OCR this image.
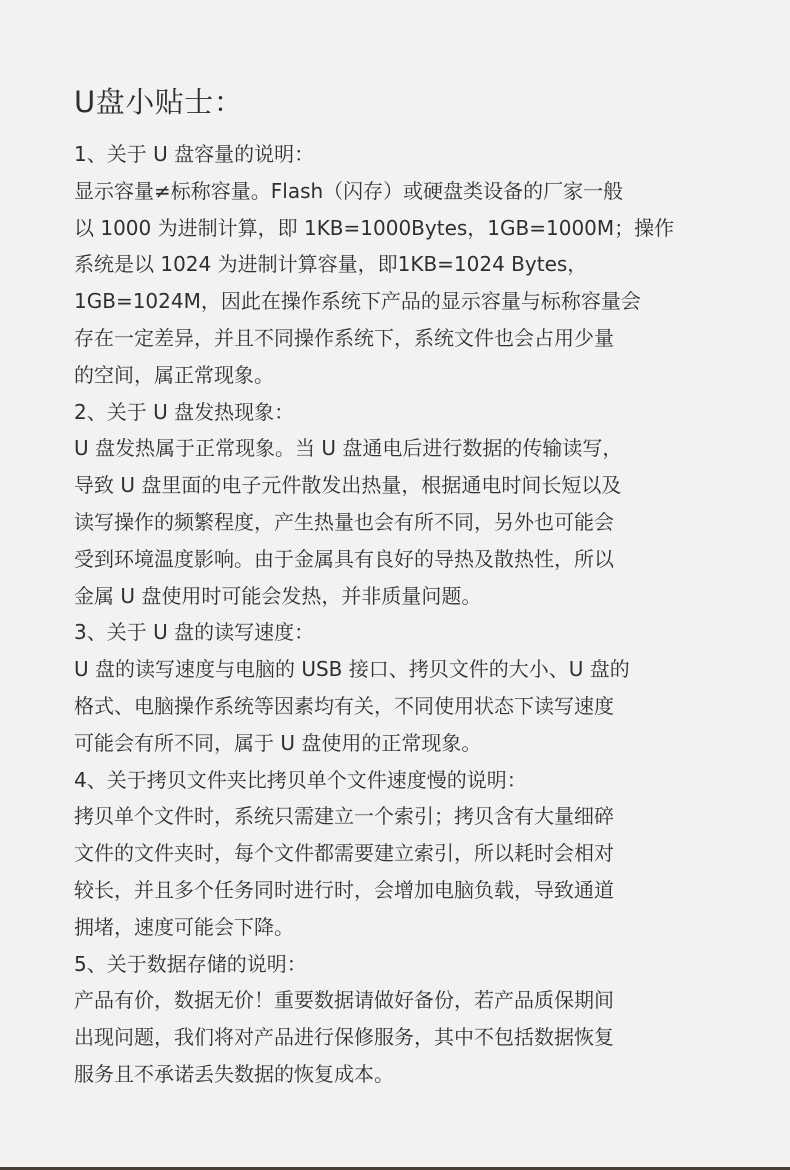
U盘小贴士：

1、关于 U 盘容量的说明：

显示容量≠标称容量。Flash（闪存）或硬盘类设备的厂家一般

以 1000 为进制计算，即 1KB=1000Bytes，1GB=1000M；操作

系统是以 1024 为进制计算容量，即1KB=1024 Bytes，

1GB=1024M，因此在操作系统下产品的显示容量与标称容量会

存在一定差异，并且不同操作系统下，系统文件也会占用少量

的空间，属正常现象。

2、关于 U 盘发热现象：

U 盘发热属于正常现象。当 U 盘通电后进行数据的传输读写，

导致 U 盘里面的电子元件散发出热量，根据通电时间长短以及

读写操作的频繁程度，产生热量也会有所不同，另外也可能会

受到环境温度影响。由于金属具有良好的导热及散热性，所以

金属 U 盘使用时可能会发热，并非质量问题。

3、关于 U 盘的读写速度：

U 盘的读写速度与电脑的 USB 接口、拷贝文件的大小、U 盘的

格式、电脑操作系统等因素均有关，不同使用状态下读写速度

可能会有所不同，属于 U 盘使用的正常现象。

4、关于拷贝文件夹比拷贝单个文件速度慢的说明：

拷贝单个文件时，系统只需建立一个索引；拷贝含有大量细碎

文件的文件夹时，每个文件都需要建立索引，所以耗时会相对

较长，并且多个任务同时进行时，会增加电脑负载，导致通道

拥堵，速度可能会下降。

5、关于数据存储的说明：

产品有价，数据无价！重要数据请做好备份，若产品质保期间

出现问题，我们将对产品进行保修服务，其中不包括数据恢复

服务且不承诺丢失数据的恢复成本。
